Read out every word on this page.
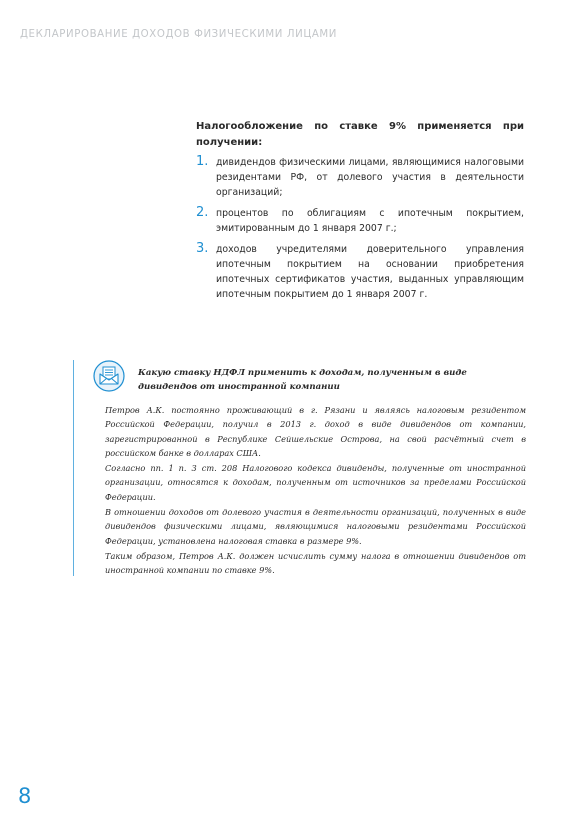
ДЕКЛАРИРОВАНИЕ ДОХОДОВ ФИЗИЧЕСКИМИ ЛИЦАМИ

Налогообложение по ставке 9% применяется при получении:

1. дивидендов физическими лицами, являющимися налоговыми резидентами РФ, от долевого участия в деятельности организаций;
2. процентов по облигациям с ипотечным покрытием, эмитированным до 1 января 2007 г.;
3. доходов учредителями доверительного управления ипотечным покрытием на основании приобретения ипотечных сертификатов участия, выданных управляющим ипотечным покрытием до 1 января 2007 г.
Какую ставку НДФЛ применить к доходам, полученным в виде дивидендов от иностранной компании

Петров А.К. постоянно проживающий в г. Рязани и являясь налоговым резидентом Российской Федерации, получил в 2013 г. доход в виде дивидендов от компании, зарегистрированной в Республике Сейшельские Острова, на свой расчётный счет в российском банке в долларах США.

Согласно пп. 1 п. 3 ст. 208 Налогового кодекса дивиденды, полученные от иностранной организации, относятся к доходам, полученным от источников за пределами Российской Федерации.

В отношении доходов от долевого участия в деятельности организаций, полученных в виде дивидендов физическими лицами, являющимися налоговыми резидентами Российской Федерации, установлена налоговая ставка в размере 9%.

Таким образом, Петров А.К. должен исчислить сумму налога в отношении дивидендов от иностранной компании по ставке 9%.

8
